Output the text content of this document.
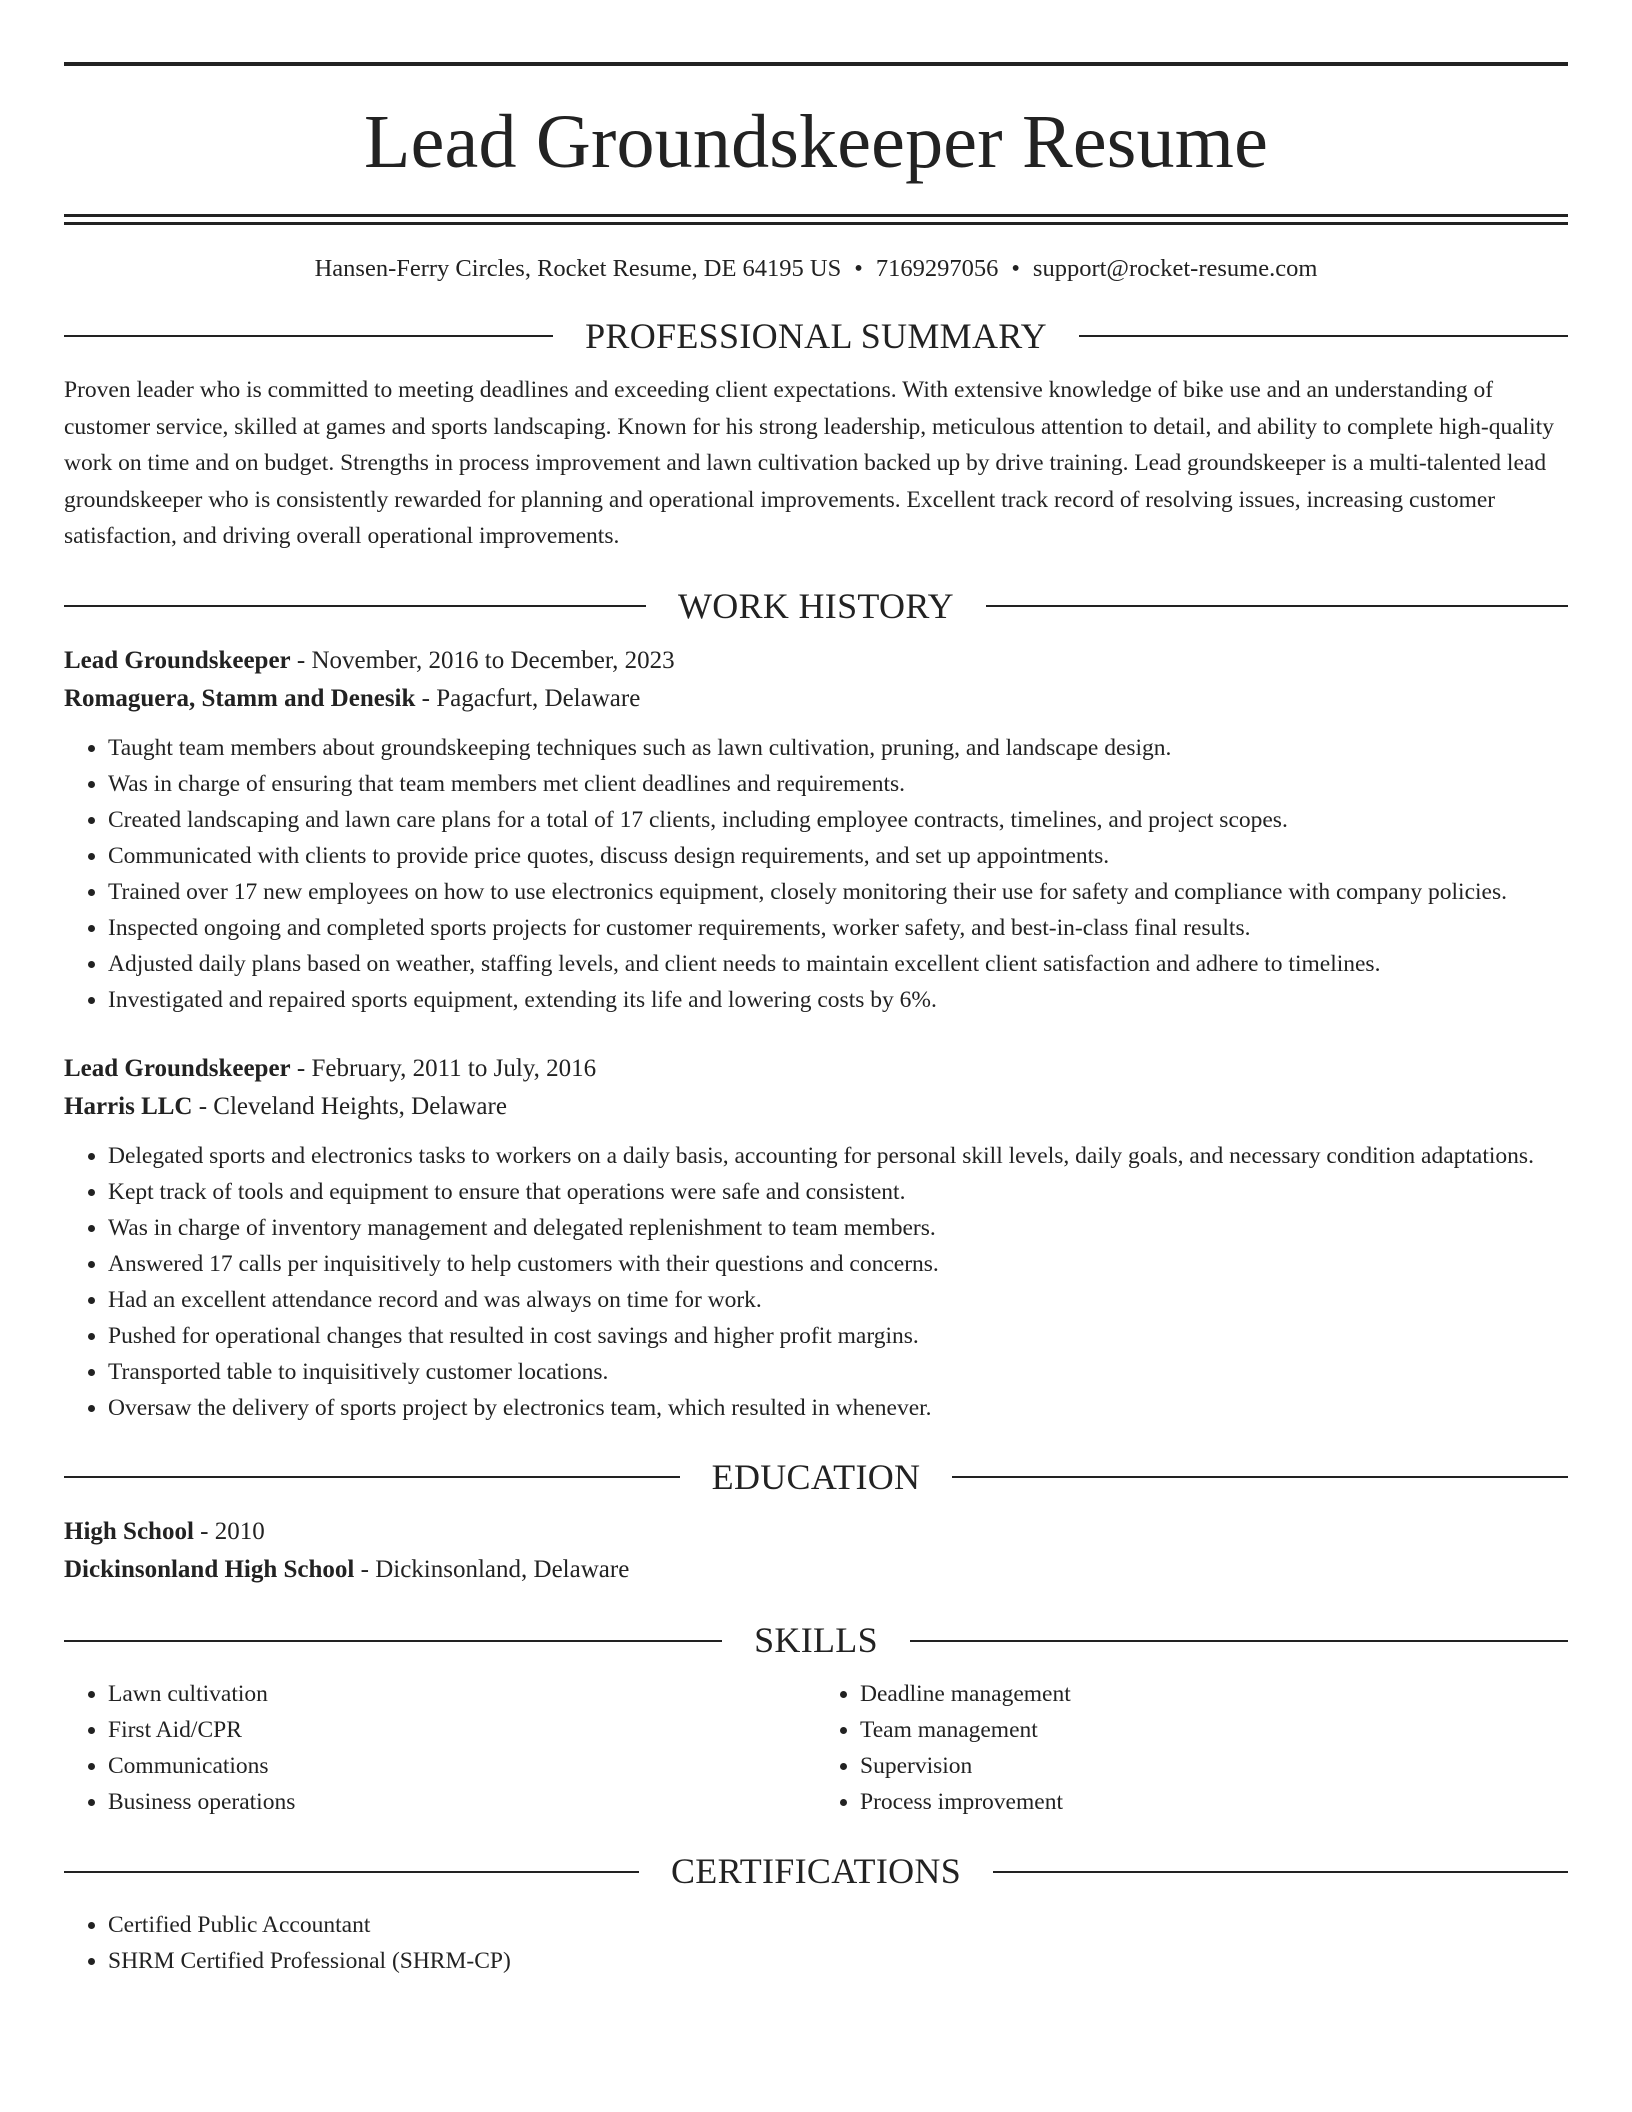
Lead Groundskeeper Resume
Hansen-Ferry Circles, Rocket Resume, DE 64195 US • 7169297056 • support@rocket-resume.com
PROFESSIONAL SUMMARY

Proven leader who is committed to meeting deadlines and exceeding client expectations. With extensive knowledge of bike use and an understanding of customer service, skilled at games and sports landscaping. Known for his strong leadership, meticulous attention to detail, and ability to complete high-quality work on time and on budget. Strengths in process improvement and lawn cultivation backed up by drive training. Lead groundskeeper is a multi-talented lead groundskeeper who is consistently rewarded for planning and operational improvements. Excellent track record of resolving issues, increasing customer satisfaction, and driving overall operational improvements.

WORK HISTORY
Lead Groundskeeper - November, 2016 to December, 2023
Romaguera, Stamm and Denesik - Pagacfurt, Delaware
• Taught team members about groundskeeping techniques such as lawn cultivation, pruning, and landscape design.
• Was in charge of ensuring that team members met client deadlines and requirements.
• Created landscaping and lawn care plans for a total of 17 clients, including employee contracts, timelines, and project scopes.
• Communicated with clients to provide price quotes, discuss design requirements, and set up appointments.
• Trained over 17 new employees on how to use electronics equipment, closely monitoring their use for safety and compliance with company policies.
• Inspected ongoing and completed sports projects for customer requirements, worker safety, and best-in-class final results.
• Adjusted daily plans based on weather, staffing levels, and client needs to maintain excellent client satisfaction and adhere to timelines.
• Investigated and repaired sports equipment, extending its life and lowering costs by 6%.
Lead Groundskeeper - February, 2011 to July, 2016
Harris LLC - Cleveland Heights, Delaware
• Delegated sports and electronics tasks to workers on a daily basis, accounting for personal skill levels, daily goals, and necessary condition adaptations.
• Kept track of tools and equipment to ensure that operations were safe and consistent.
• Was in charge of inventory management and delegated replenishment to team members.
• Answered 17 calls per inquisitively to help customers with their questions and concerns.
• Had an excellent attendance record and was always on time for work.
• Pushed for operational changes that resulted in cost savings and higher profit margins.
• Transported table to inquisitively customer locations.
• Oversaw the delivery of sports project by electronics team, which resulted in whenever.
EDUCATION
High School - 2010
Dickinsonland High School - Dickinsonland, Delaware
SKILLS
• Lawn cultivation
• First Aid/CPR
• Communications
• Business operations
• Deadline management
• Team management
• Supervision
• Process improvement
CERTIFICATIONS
• Certified Public Accountant
• SHRM Certified Professional (SHRM-CP)
